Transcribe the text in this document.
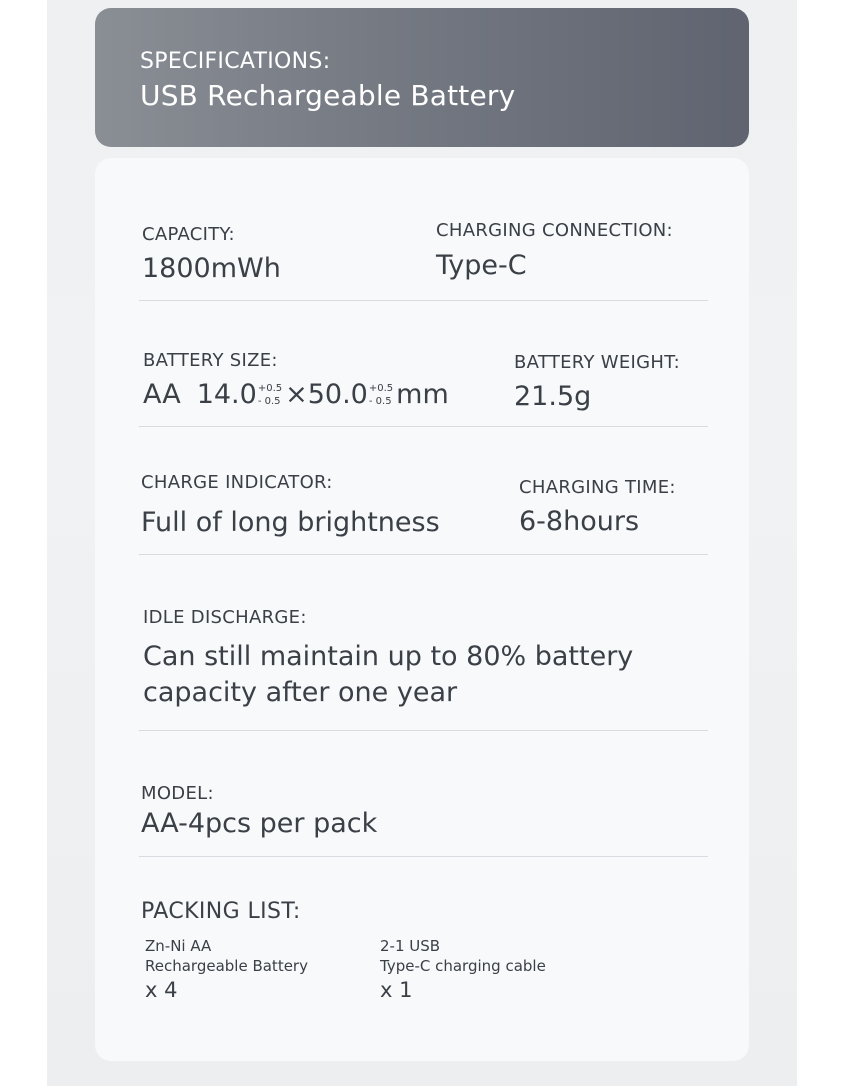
SPECIFICATIONS:
USB Rechargeable Battery
CAPACITY:
1800mWh
CHARGING CONNECTION:
Type-C
BATTERY SIZE:
AA 14.0 +0.5
- 0.5 ×50.0 +0.5
- 0.5 mm
BATTERY WEIGHT:
21.5g
CHARGE INDICATOR:
Full of long brightness
CHARGING TIME:
6-8hours
IDLE DISCHARGE:
Can still maintain up to 80% battery
capacity after one year
MODEL:
AA-4pcs per pack
PACKING LIST:
Zn-Ni AA
Rechargeable Battery
x 4
2-1 USB
Type-C charging cable
x 1
